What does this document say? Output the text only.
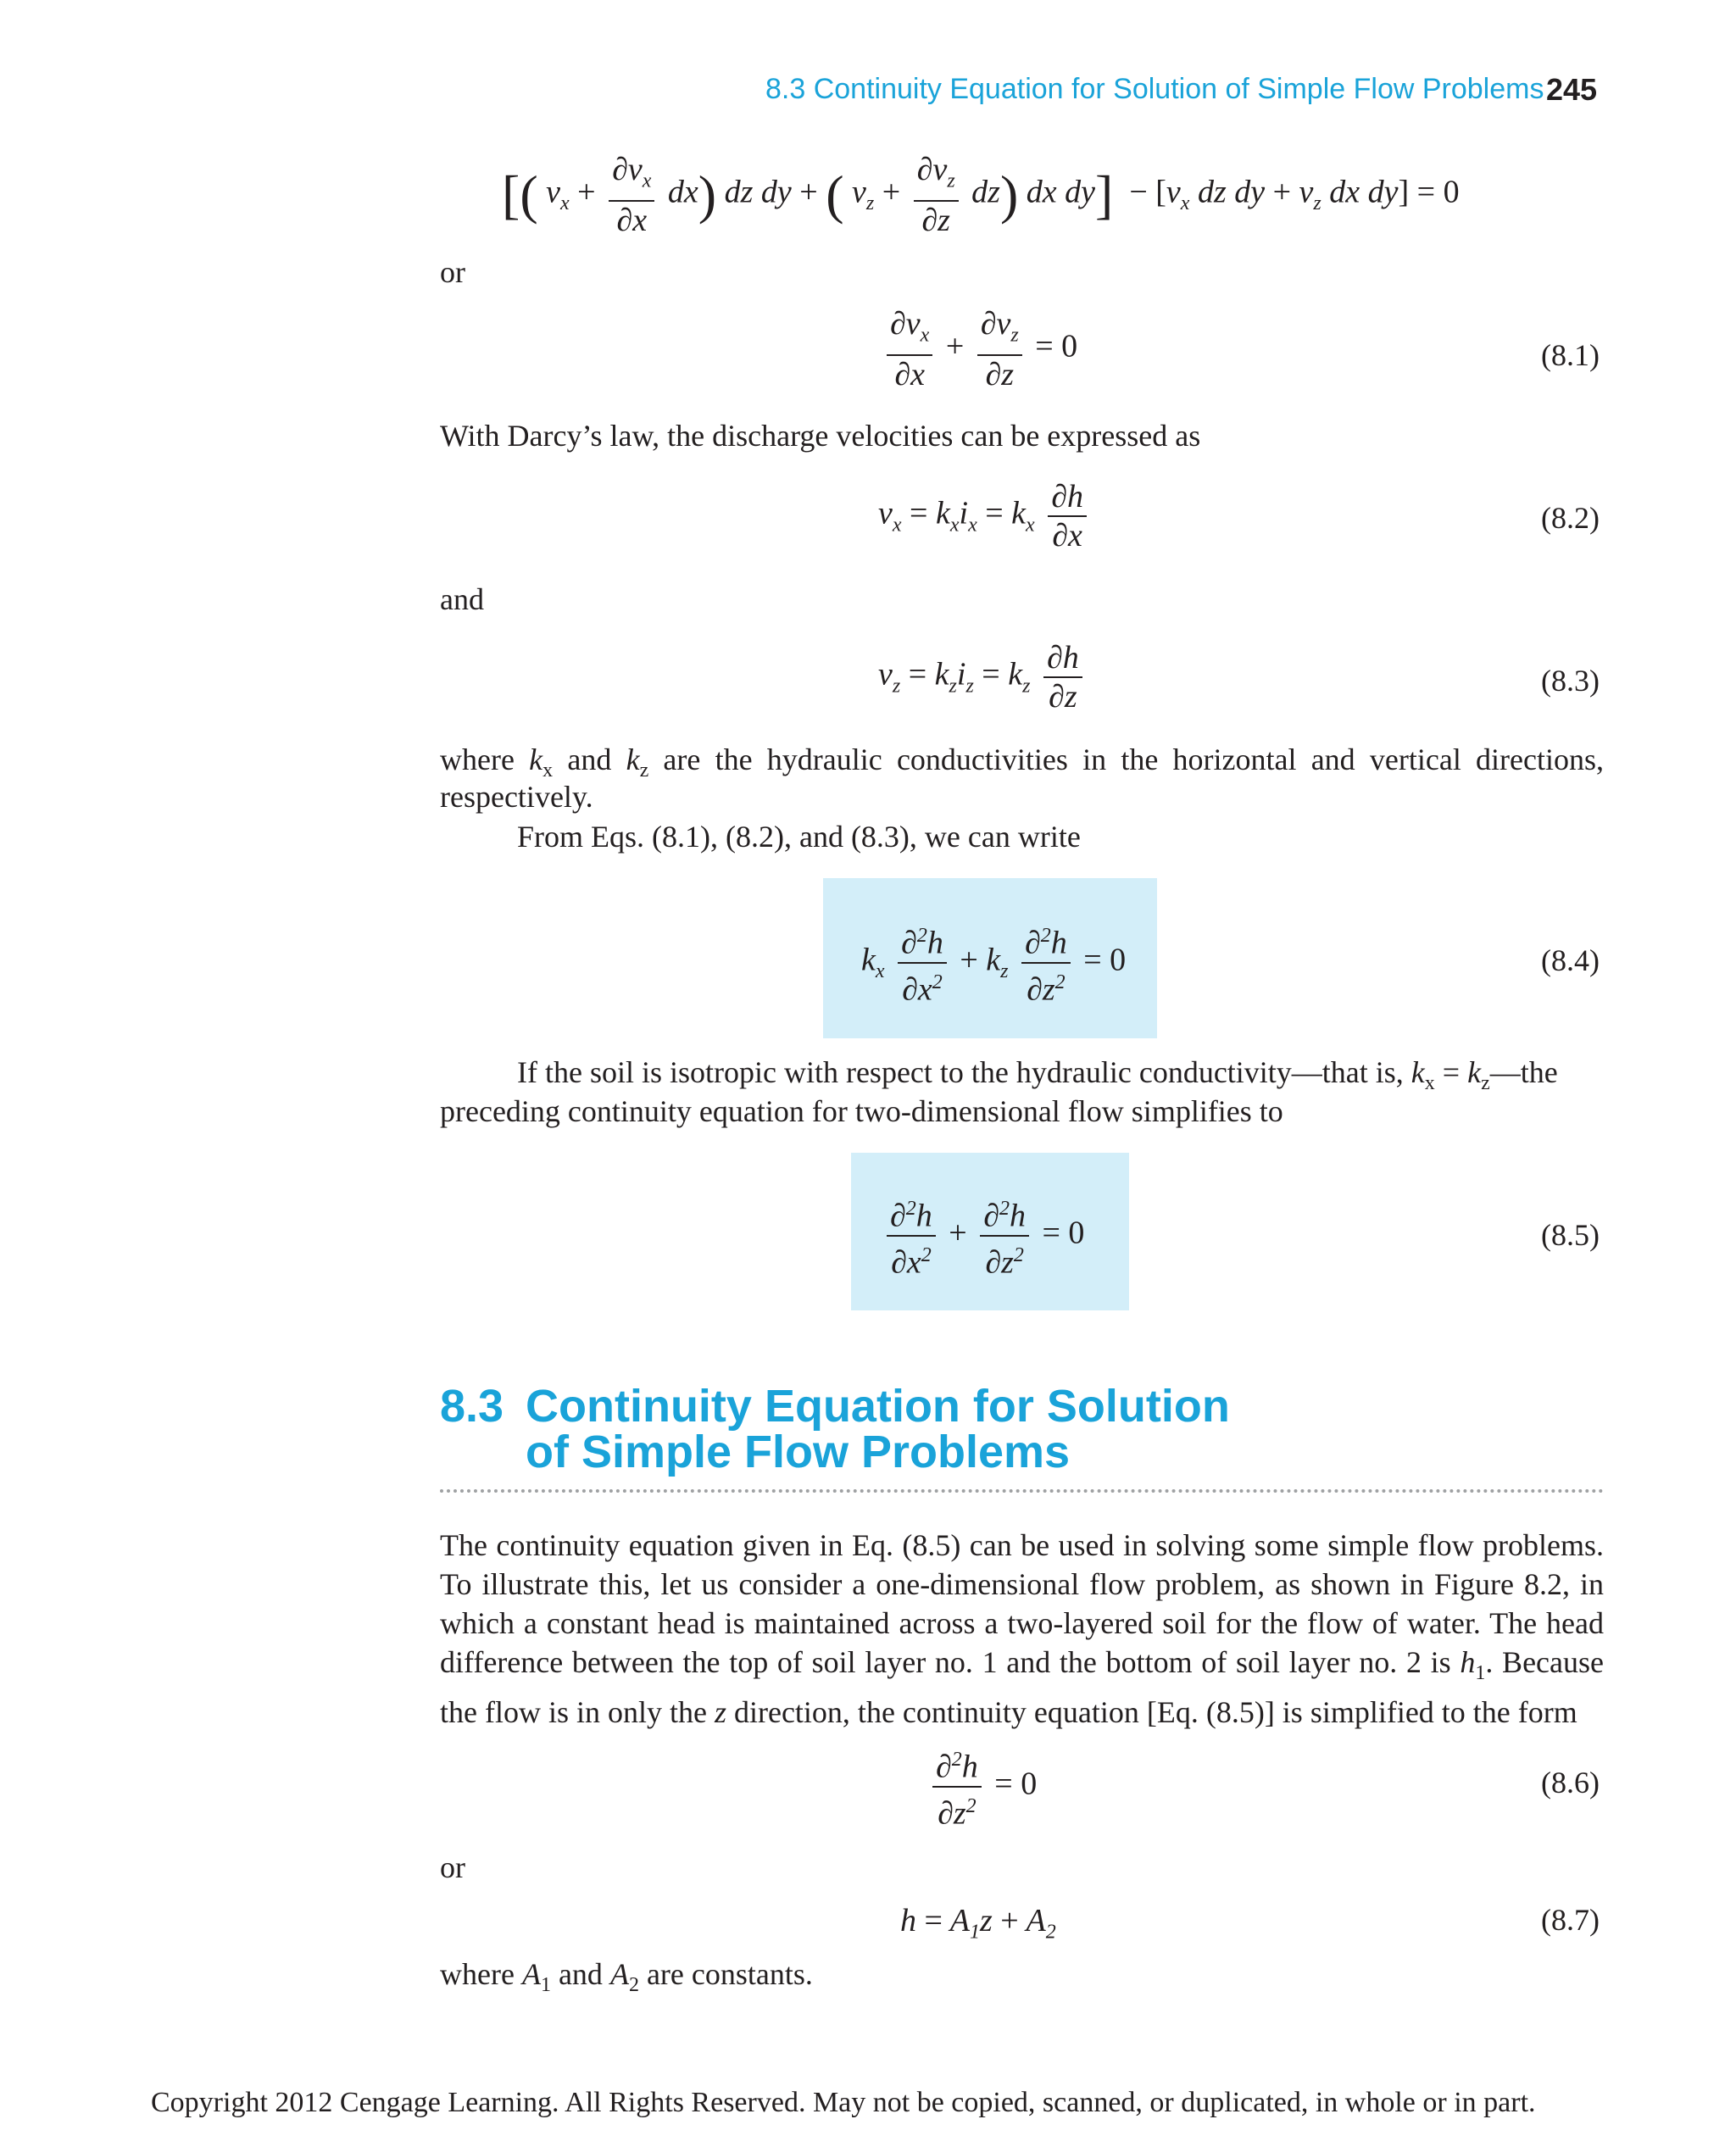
8.3 Continuity Equation for Solution of Simple Flow Problems 245
[( $v_x + \frac{\partial v_x}{\partial x} dx$) dz dy + ( $v_z + \frac{\partial v_z}{\partial z} dz$) dx $dy] - [v_x$ dz dy + $v_z$ dx dy] = 0
or
$\frac{\partial v_x}{\partial x} + \frac{\partial v_z}{\partial z} = 0$	(8.1)
With Darcy’s law, the discharge velocities can be expressed as
$v_x = k_xi_x = k_x \frac{\partial h}{\partial x}$	(8.2)
and
$v_z = k_zi_z = k_z \frac{\partial h}{\partial z}$	(8.3)
where $k_x$ and $k_z$ are the hydraulic conductivities in the horizontal and vertical directions,
respectively.
From Eqs. (8.1), (8.2), and (8.3), we can write
$k_x \frac{\partial^2h}{\partial x^2} + k_z \frac{\partial^2h}{\partial z^2} = 0$	(8.4)
If the soil is isotropic with respect to the hydraulic conductivity—that is, $k_x$ = $k_z—the$
preceding continuity equation for two-dimensional flow simplifies to
$\frac{\partial^2h}{\partial x^2} + \frac{\partial^2h}{\partial z^2} = 0$	(8.5)
8.3 Continuity Equation for Solution
of Simple Flow Problems
The continuity equation given in Eq. (8.5) can be used in solving some simple flow problems. To illustrate this, let us consider a one-dimensional flow problem, as shown in Figure 8.2, in which a constant head is maintained across a two-layered soil for the flow of water. The head difference between the top of soil layer no. 1 and the bottom of soil layer no. 2 is $h_1$. Because the flow is in only the z direction, the continuity equation [Eq. (8.5)] is simplified to the form
$\frac{\partial^2h}{\partial z^2} = 0$	(8.6)
or
$h = A_1z + A_2$	(8.7)
where $A_1$ and $A_2$ are constants.
Copyright 2012 Cengage Learning. All Rights Reserved. May not be copied, scanned, or duplicated, in whole or in part.
